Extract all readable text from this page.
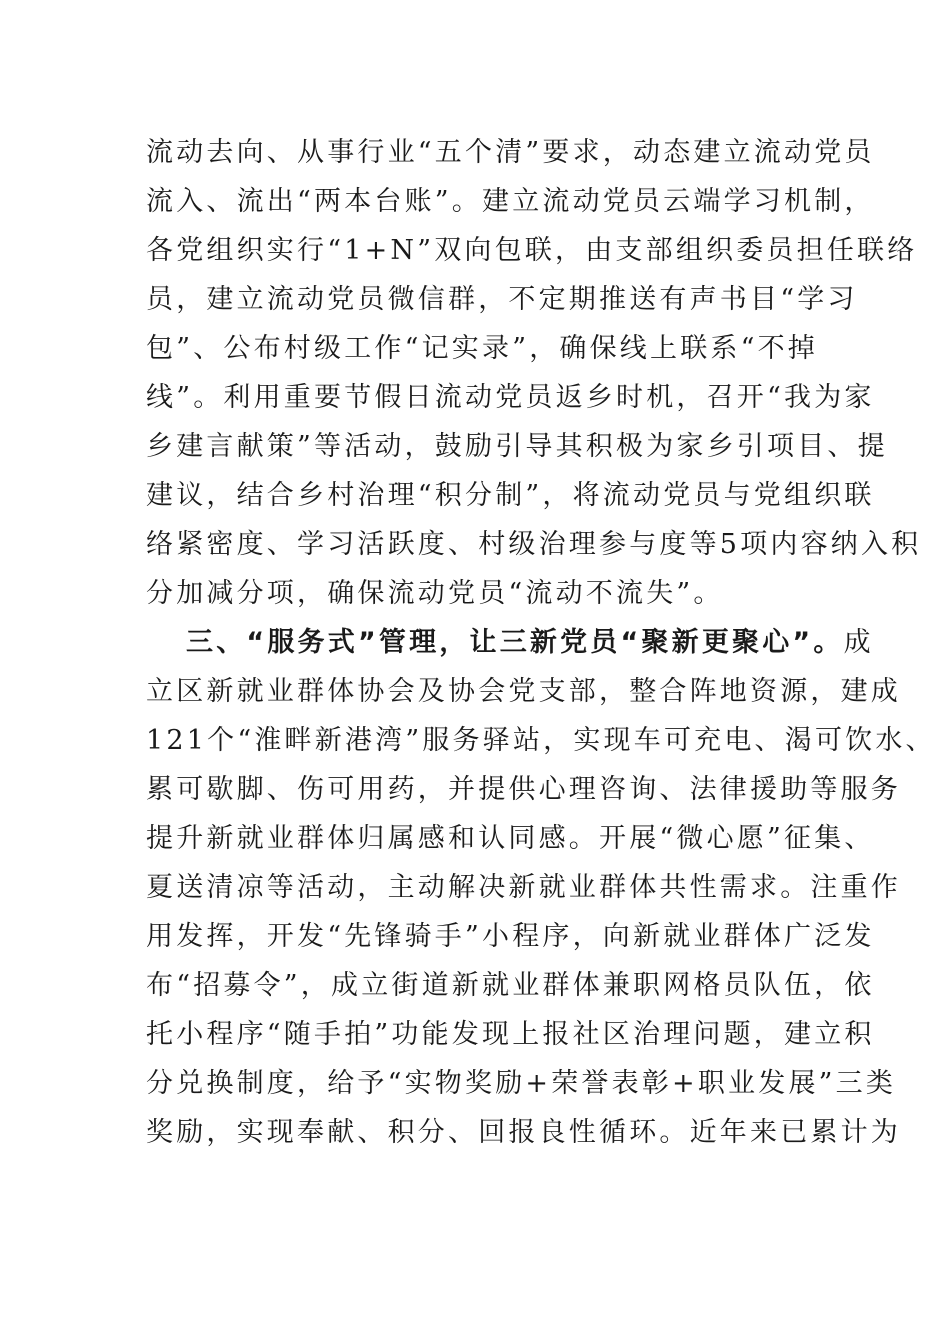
流动去向、从事行业“五个清”要求，动态建立流动党员
流入、流出“两本台账”。建立流动党员云端学习机制，
各党组织实行“1+N”双向包联，由支部组织委员担任联络
员，建立流动党员微信群，不定期推送有声书目“学习
包”、公布村级工作“记实录”，确保线上联系“不掉
线”。利用重要节假日流动党员返乡时机，召开“我为家
乡建言献策”等活动，鼓励引导其积极为家乡引项目、提
建议，结合乡村治理“积分制”，将流动党员与党组织联
络紧密度、学习活跃度、村级治理参与度等5项内容纳入积
分加减分项，确保流动党员“流动不流失”。
三、“服务式”管理，让三新党员“聚新更聚心”。成
立区新就业群体协会及协会党支部，整合阵地资源，建成
121个“淮畔新港湾”服务驿站，实现车可充电、渴可饮水、
累可歇脚、伤可用药，并提供心理咨询、法律援助等服务
提升新就业群体归属感和认同感。开展“微心愿”征集、
夏送清凉等活动，主动解决新就业群体共性需求。注重作
用发挥，开发“先锋骑手”小程序，向新就业群体广泛发
布“招募令”，成立街道新就业群体兼职网格员队伍，依
托小程序“随手拍”功能发现上报社区治理问题，建立积
分兑换制度，给予“实物奖励+荣誉表彰+职业发展”三类
奖励，实现奉献、积分、回报良性循环。近年来已累计为
